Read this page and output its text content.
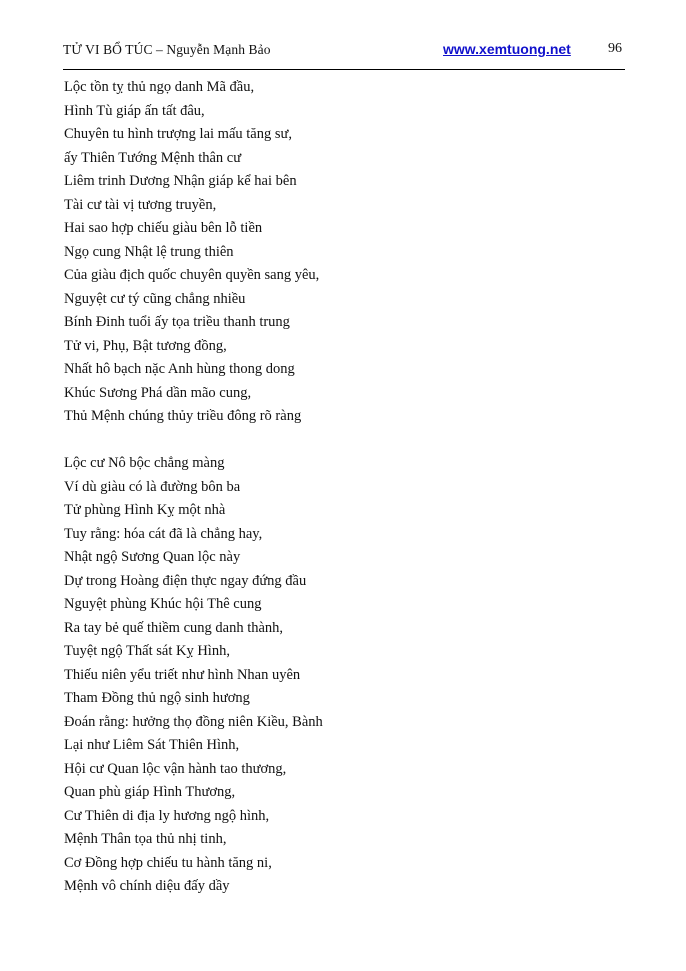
TỬ VI BỔ TÚC – Nguyễn Mạnh Bảo	www.xemtuong.net	96
Lộc tồn tỵ thủ ngọ danh Mã đầu,
Hình Tù giáp ấn tất đâu,
Chuyên tu hình trượng lai mấu tăng sư,
ấy Thiên Tướng Mệnh thân cư
Liêm trinh Dương Nhận giáp kể hai bên
Tài cư tài vị tương truyền,
Hai sao hợp chiếu giàu bên lỗ tiền
Ngọ cung Nhật lệ trung thiên
Của giàu địch quốc chuyên quyền sang yêu,
Nguyệt cư tý cũng chẳng nhiều
Bính Đinh tuổi ấy tọa triều thanh trung
Tử vi, Phụ, Bật tương đồng,
Nhất hô bạch nặc Anh hùng thong dong
Khúc Sương Phá dần mão cung,
Thủ Mệnh chúng thủy triều đông rõ ràng
Lộc cư Nô bộc chẳng màng
Ví dù giàu có là đường bôn ba
Tử phùng Hình Kỵ một nhà
Tuy rằng: hóa cát đã là chẳng hay,
Nhật ngộ Sương Quan lộc này
Dự trong Hoàng điện thực ngay đứng đầu
Nguyệt phùng Khúc hội Thê cung
Ra tay bẻ quế thiềm cung danh thành,
Tuyệt ngộ Thất sát Kỵ Hình,
Thiếu niên yểu triết như hình Nhan uyên
Tham Đồng thủ ngộ sinh hương
Đoán rằng: hưởng thọ đồng niên Kiều, Bành
Lại như Liêm Sát Thiên Hình,
Hội cư Quan lộc vận hành tao thương,
Quan phù giáp Hình Thương,
Cư Thiên di địa ly hương ngộ hình,
Mệnh Thân tọa thủ nhị tinh,
Cơ Đồng hợp chiếu tu hành tăng ni,
Mệnh vô chính diệu đấy dầy
